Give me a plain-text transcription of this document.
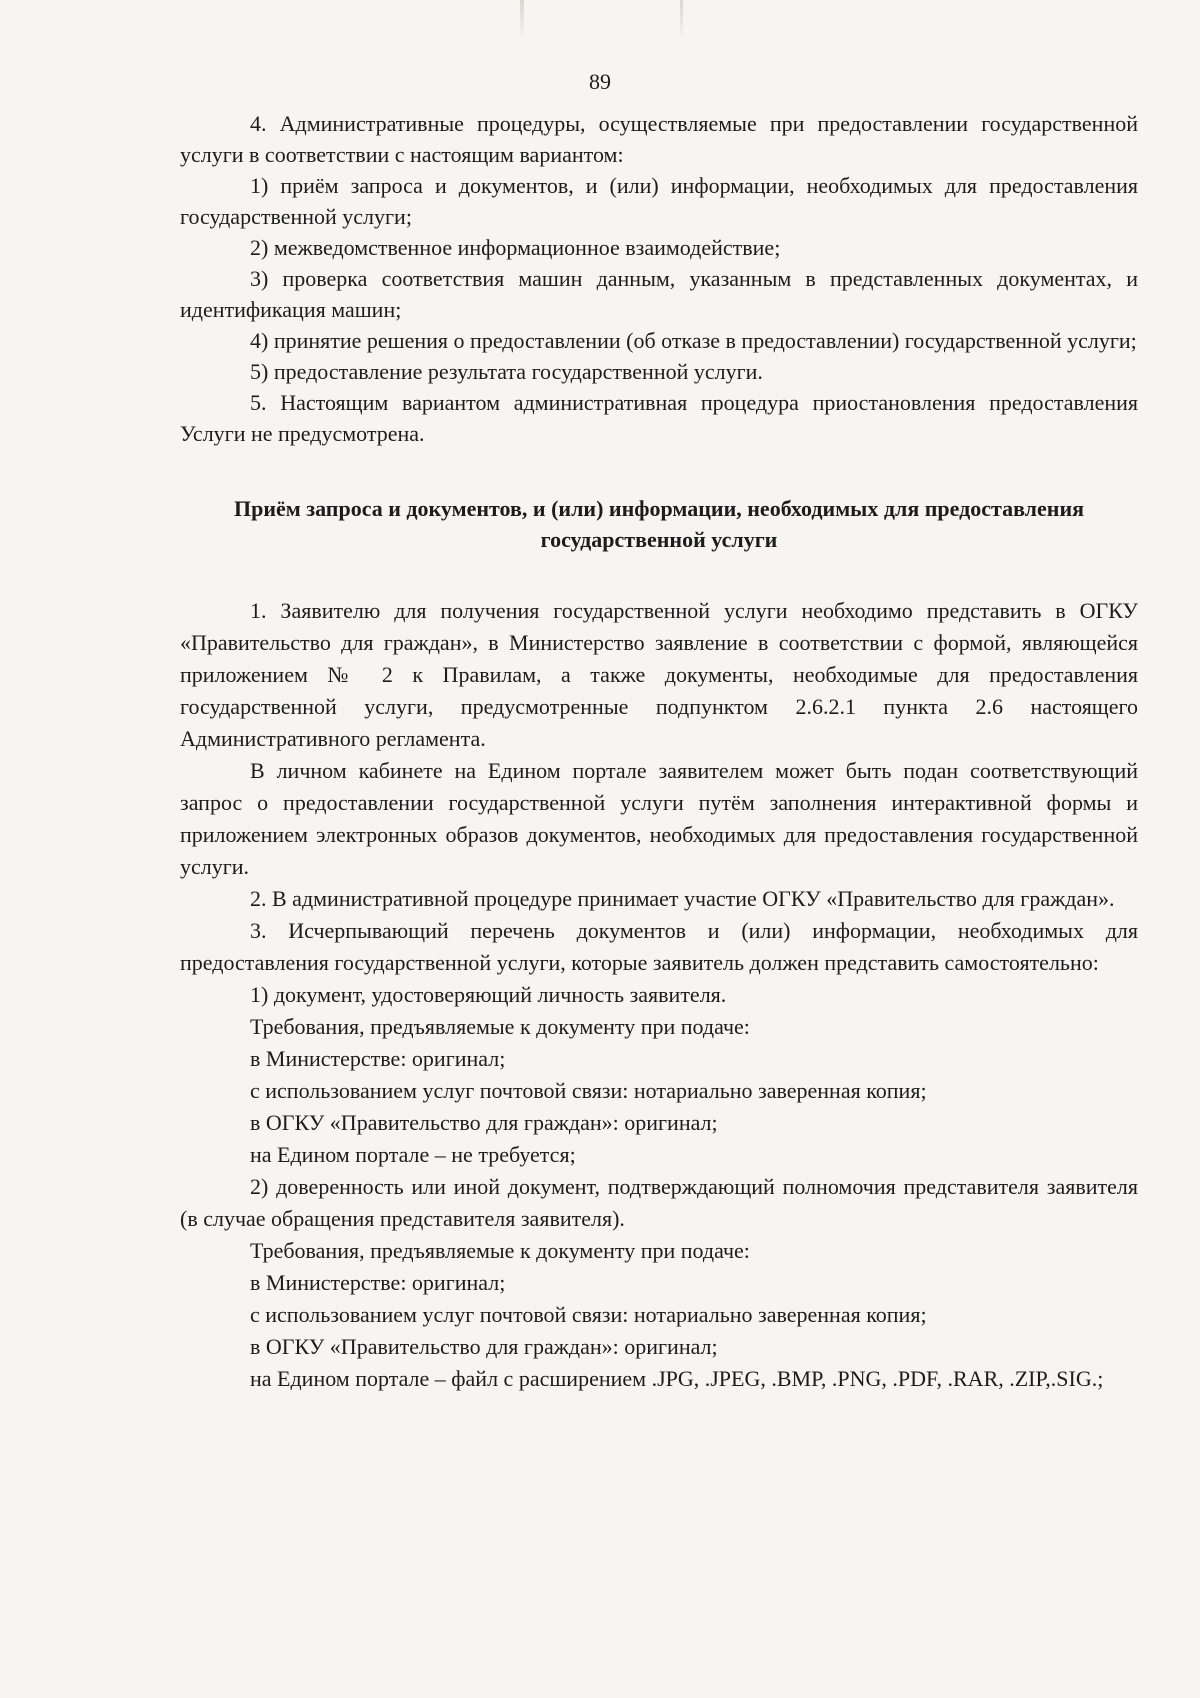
89

4. Административные процедуры, осуществляемые при предоставлении государственной услуги в соответствии с настоящим вариантом:

1) приём запроса и документов, и (или) информации, необходимых для предоставления государственной услуги;

2) межведомственное информационное взаимодействие;

3) проверка соответствия машин данным, указанным в представленных документах, и идентификация машин;

4) принятие решения о предоставлении (об отказе в предоставлении) государственной услуги;

5) предоставление результата государственной услуги.

5. Настоящим вариантом административная процедура приостановления предоставления Услуги не предусмотрена.

Приём запроса и документов, и (или) информации, необходимых для предоставления государственной услуги

1. Заявителю для получения государственной услуги необходимо представить в ОГКУ «Правительство для граждан», в Министерство заявление в соответствии с формой, являющейся приложением № 2 к Правилам, а также документы, необходимые для предоставления государственной услуги, предусмотренные подпунктом 2.6.2.1 пункта 2.6 настоящего Административного регламента.

В личном кабинете на Едином портале заявителем может быть подан соответствующий запрос о предоставлении государственной услуги путём заполнения интерактивной формы и приложением электронных образов документов, необходимых для предоставления государственной услуги.

2. В административной процедуре принимает участие ОГКУ «Правительство для граждан».

3. Исчерпывающий перечень документов и (или) информации, необходимых для предоставления государственной услуги, которые заявитель должен представить самостоятельно:

1) документ, удостоверяющий личность заявителя.

Требования, предъявляемые к документу при подаче:

в Министерстве: оригинал;

с использованием услуг почтовой связи: нотариально заверенная копия;

в ОГКУ «Правительство для граждан»: оригинал;

на Едином портале – не требуется;

2) доверенность или иной документ, подтверждающий полномочия представителя заявителя (в случае обращения представителя заявителя).

Требования, предъявляемые к документу при подаче:

в Министерстве: оригинал;

с использованием услуг почтовой связи: нотариально заверенная копия;

в ОГКУ «Правительство для граждан»: оригинал;

на Едином портале – файл с расширением .JPG, .JPEG, .BMP, .PNG, .PDF, .RAR, .ZIP,.SIG.;
